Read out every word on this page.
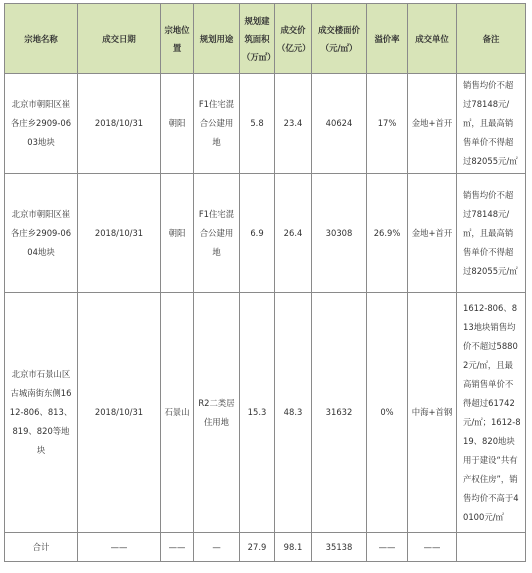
宗地名称	成交日期	宗地位置	规划用途	规划建筑面积（万㎡）	成交价（亿元）	成交楼面价（元/㎡）	溢价率	成交单位	备注
北京市朝阳区崔各庄乡2909-0603地块	2018/10/31	朝阳	F1住宅混合公建用地	5.8	23.4	40624	17%	金地+首开	销售均价不超过78148元/㎡，且最高销售单价不得超过82055元/㎡
北京市朝阳区崔各庄乡2909-0604地块	2018/10/31	朝阳	F1住宅混合公建用地	6.9	26.4	30308	26.9%	金地+首开	销售均价不超过78148元/㎡，且最高销售单价不得超过82055元/㎡
北京市石景山区古城南街东侧1612-806、813、819、820等地块	2018/10/31	石景山	R2二类居住用地	15.3	48.3	31632	0%	中海+首钢	1612-806、813地块销售均价不超过58802元/㎡，且最高销售单价不得超过61742元/㎡；1612-819、820地块用于建设“共有产权住房”，销售均价不高于40100元/㎡
合计	——	——	—	27.9	98.1	35138	——	——	
